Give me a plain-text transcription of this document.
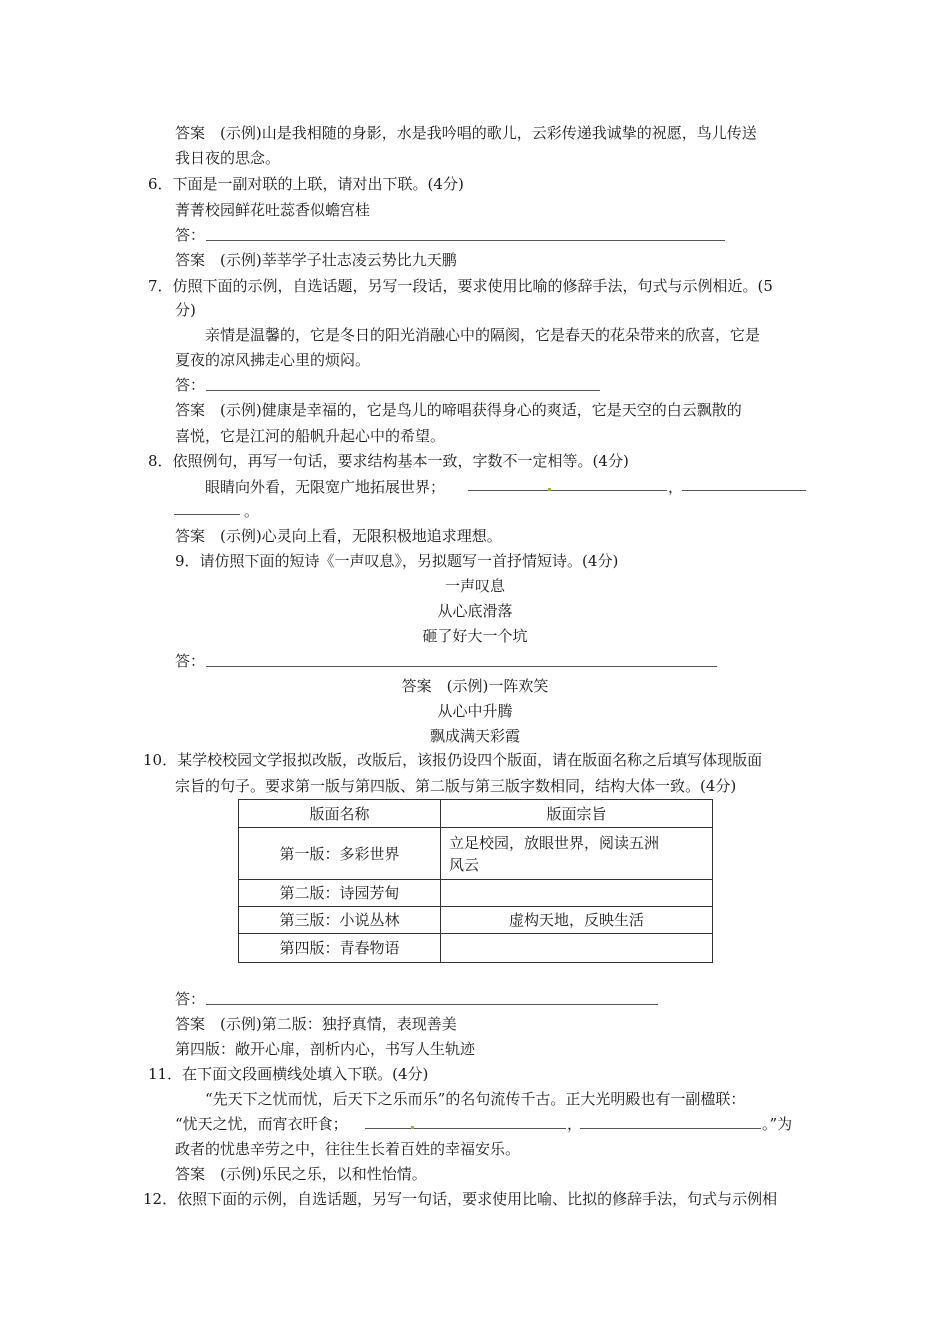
答案　(示例)山是我相随的身影，水是我吟唱的歌儿，云彩传递我诚挚的祝愿，鸟儿传送
我日夜的思念。
6．下面是一副对联的上联，请对出下联。(4分)
菁菁校园鲜花吐蕊香似蟾宫桂
答：
答案　(示例)莘莘学子壮志凌云势比九天鹏
7．仿照下面的示例，自选话题，另写一段话，要求使用比喻的修辞手法，句式与示例相近。(5
分)
亲情是温馨的，它是冬日的阳光消融心中的隔阂，它是春天的花朵带来的欣喜，它是
夏夜的凉风拂走心里的烦闷。
答：
答案　(示例)健康是幸福的，它是鸟儿的啼唱获得身心的爽适，它是天空的白云飘散的
喜悦，它是江河的船帆升起心中的希望。
8．依照例句，再写一句话，要求结构基本一致，字数不一定相等。(4分)
眼睛向外看，无限宽广地拓展世界；	，
。
答案　(示例)心灵向上看，无限积极地追求理想。
9．请仿照下面的短诗《一声叹息》，另拟题写一首抒情短诗。(4分)
一声叹息
从心底滑落
砸了好大一个坑
答：
答案　(示例)一阵欢笑
从心中升腾
飘成满天彩霞
10．某学校校园文学报拟改版，改版后，该报仍设四个版面，请在版面名称之后填写体现版面
宗旨的句子。要求第一版与第四版、第二版与第三版字数相同，结构大体一致。(4分)
版面名称	版面宗旨
第一版：多彩世界	立足校园，放眼世界，阅读五洲
风云

第二版：诗园芳甸	
第三版：小说丛林	虚构天地，反映生活
第四版：青春物语	
答：
答案　(示例)第二版：独抒真情，表现善美
第四版：敞开心扉，剖析内心，书写人生轨迹
11．在下面文段画横线处填入下联。(4分)
“先天下之忧而忧，后天下之乐而乐”的名句流传千古。正大光明殿也有一副楹联：
“忧天之忧，而宵衣旰食；	，	。”为
政者的忧患辛劳之中，往往生长着百姓的幸福安乐。
答案　(示例)乐民之乐，以和性怡情。
12．依照下面的示例，自选话题，另写一句话，要求使用比喻、比拟的修辞手法，句式与示例相
